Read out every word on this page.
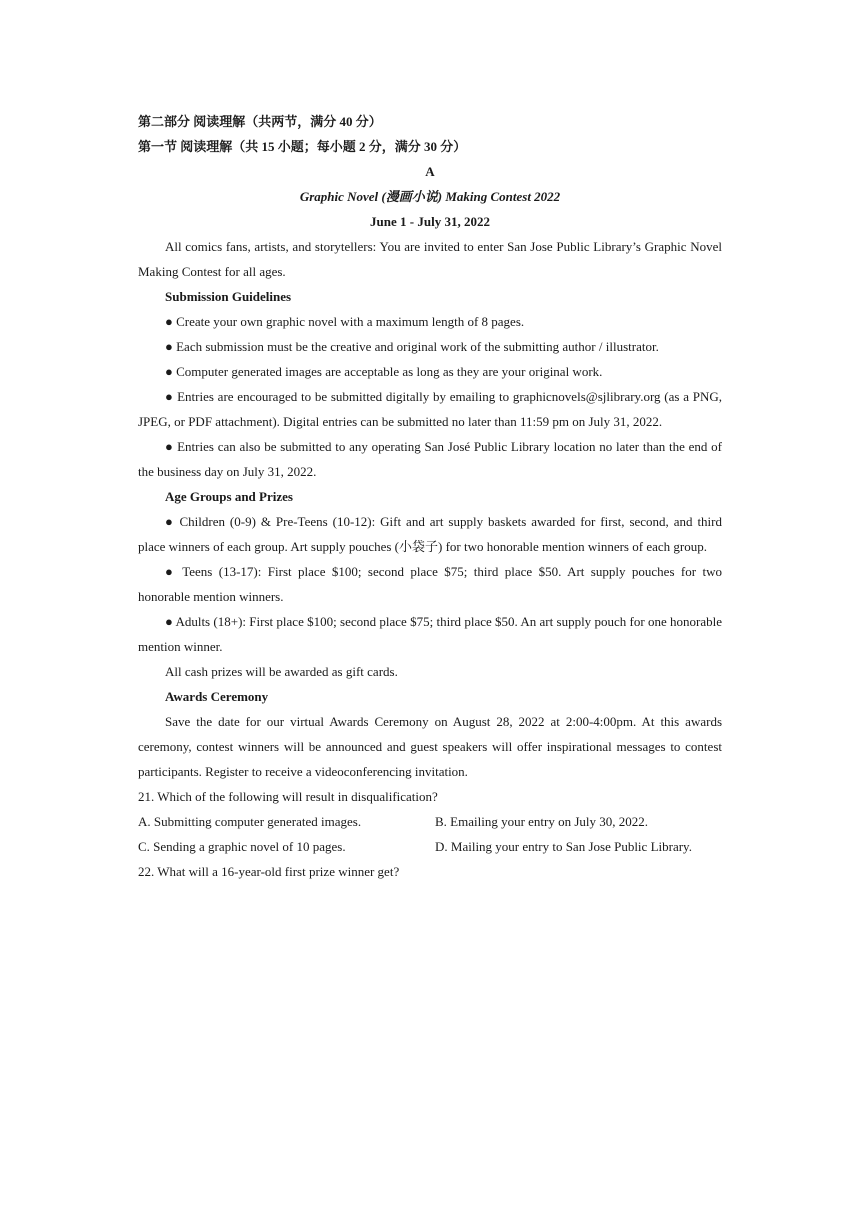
第二部分 阅读理解（共两节，满分 40 分）
第一节 阅读理解（共 15 小题；每小题 2 分，满分 30 分）
A
Graphic Novel (漫画小说) Making Contest 2022
June 1 - July 31, 2022
All comics fans, artists, and storytellers: You are invited to enter San Jose Public Library’s Graphic Novel Making Contest for all ages.
Submission Guidelines
● Create your own graphic novel with a maximum length of 8 pages.
● Each submission must be the creative and original work of the submitting author / illustrator.
● Computer generated images are acceptable as long as they are your original work.
● Entries are encouraged to be submitted digitally by emailing to graphicnovels@sjlibrary.org (as a PNG, JPEG, or PDF attachment). Digital entries can be submitted no later than 11:59 pm on July 31, 2022.
● Entries can also be submitted to any operating San José Public Library location no later than the end of the business day on July 31, 2022.
Age Groups and Prizes
● Children (0-9) & Pre-Teens (10-12): Gift and art supply baskets awarded for first, second, and third place winners of each group. Art supply pouches (小袋子) for two honorable mention winners of each group.
● Teens (13-17): First place $100; second place $75; third place $50. Art supply pouches for two honorable mention winners.
● Adults (18+): First place $100; second place $75; third place $50. An art supply pouch for one honorable mention winner.
All cash prizes will be awarded as gift cards.
Awards Ceremony
Save the date for our virtual Awards Ceremony on August 28, 2022 at 2:00-4:00pm. At this awards ceremony, contest winners will be announced and guest speakers will offer inspirational messages to contest participants. Register to receive a videoconferencing invitation.
21. Which of the following will result in disqualification?
A. Submitting computer generated images.	B. Emailing your entry on July 30, 2022.
C. Sending a graphic novel of 10 pages.	D. Mailing your entry to San Jose Public Library.
22. What will a 16-year-old first prize winner get?
